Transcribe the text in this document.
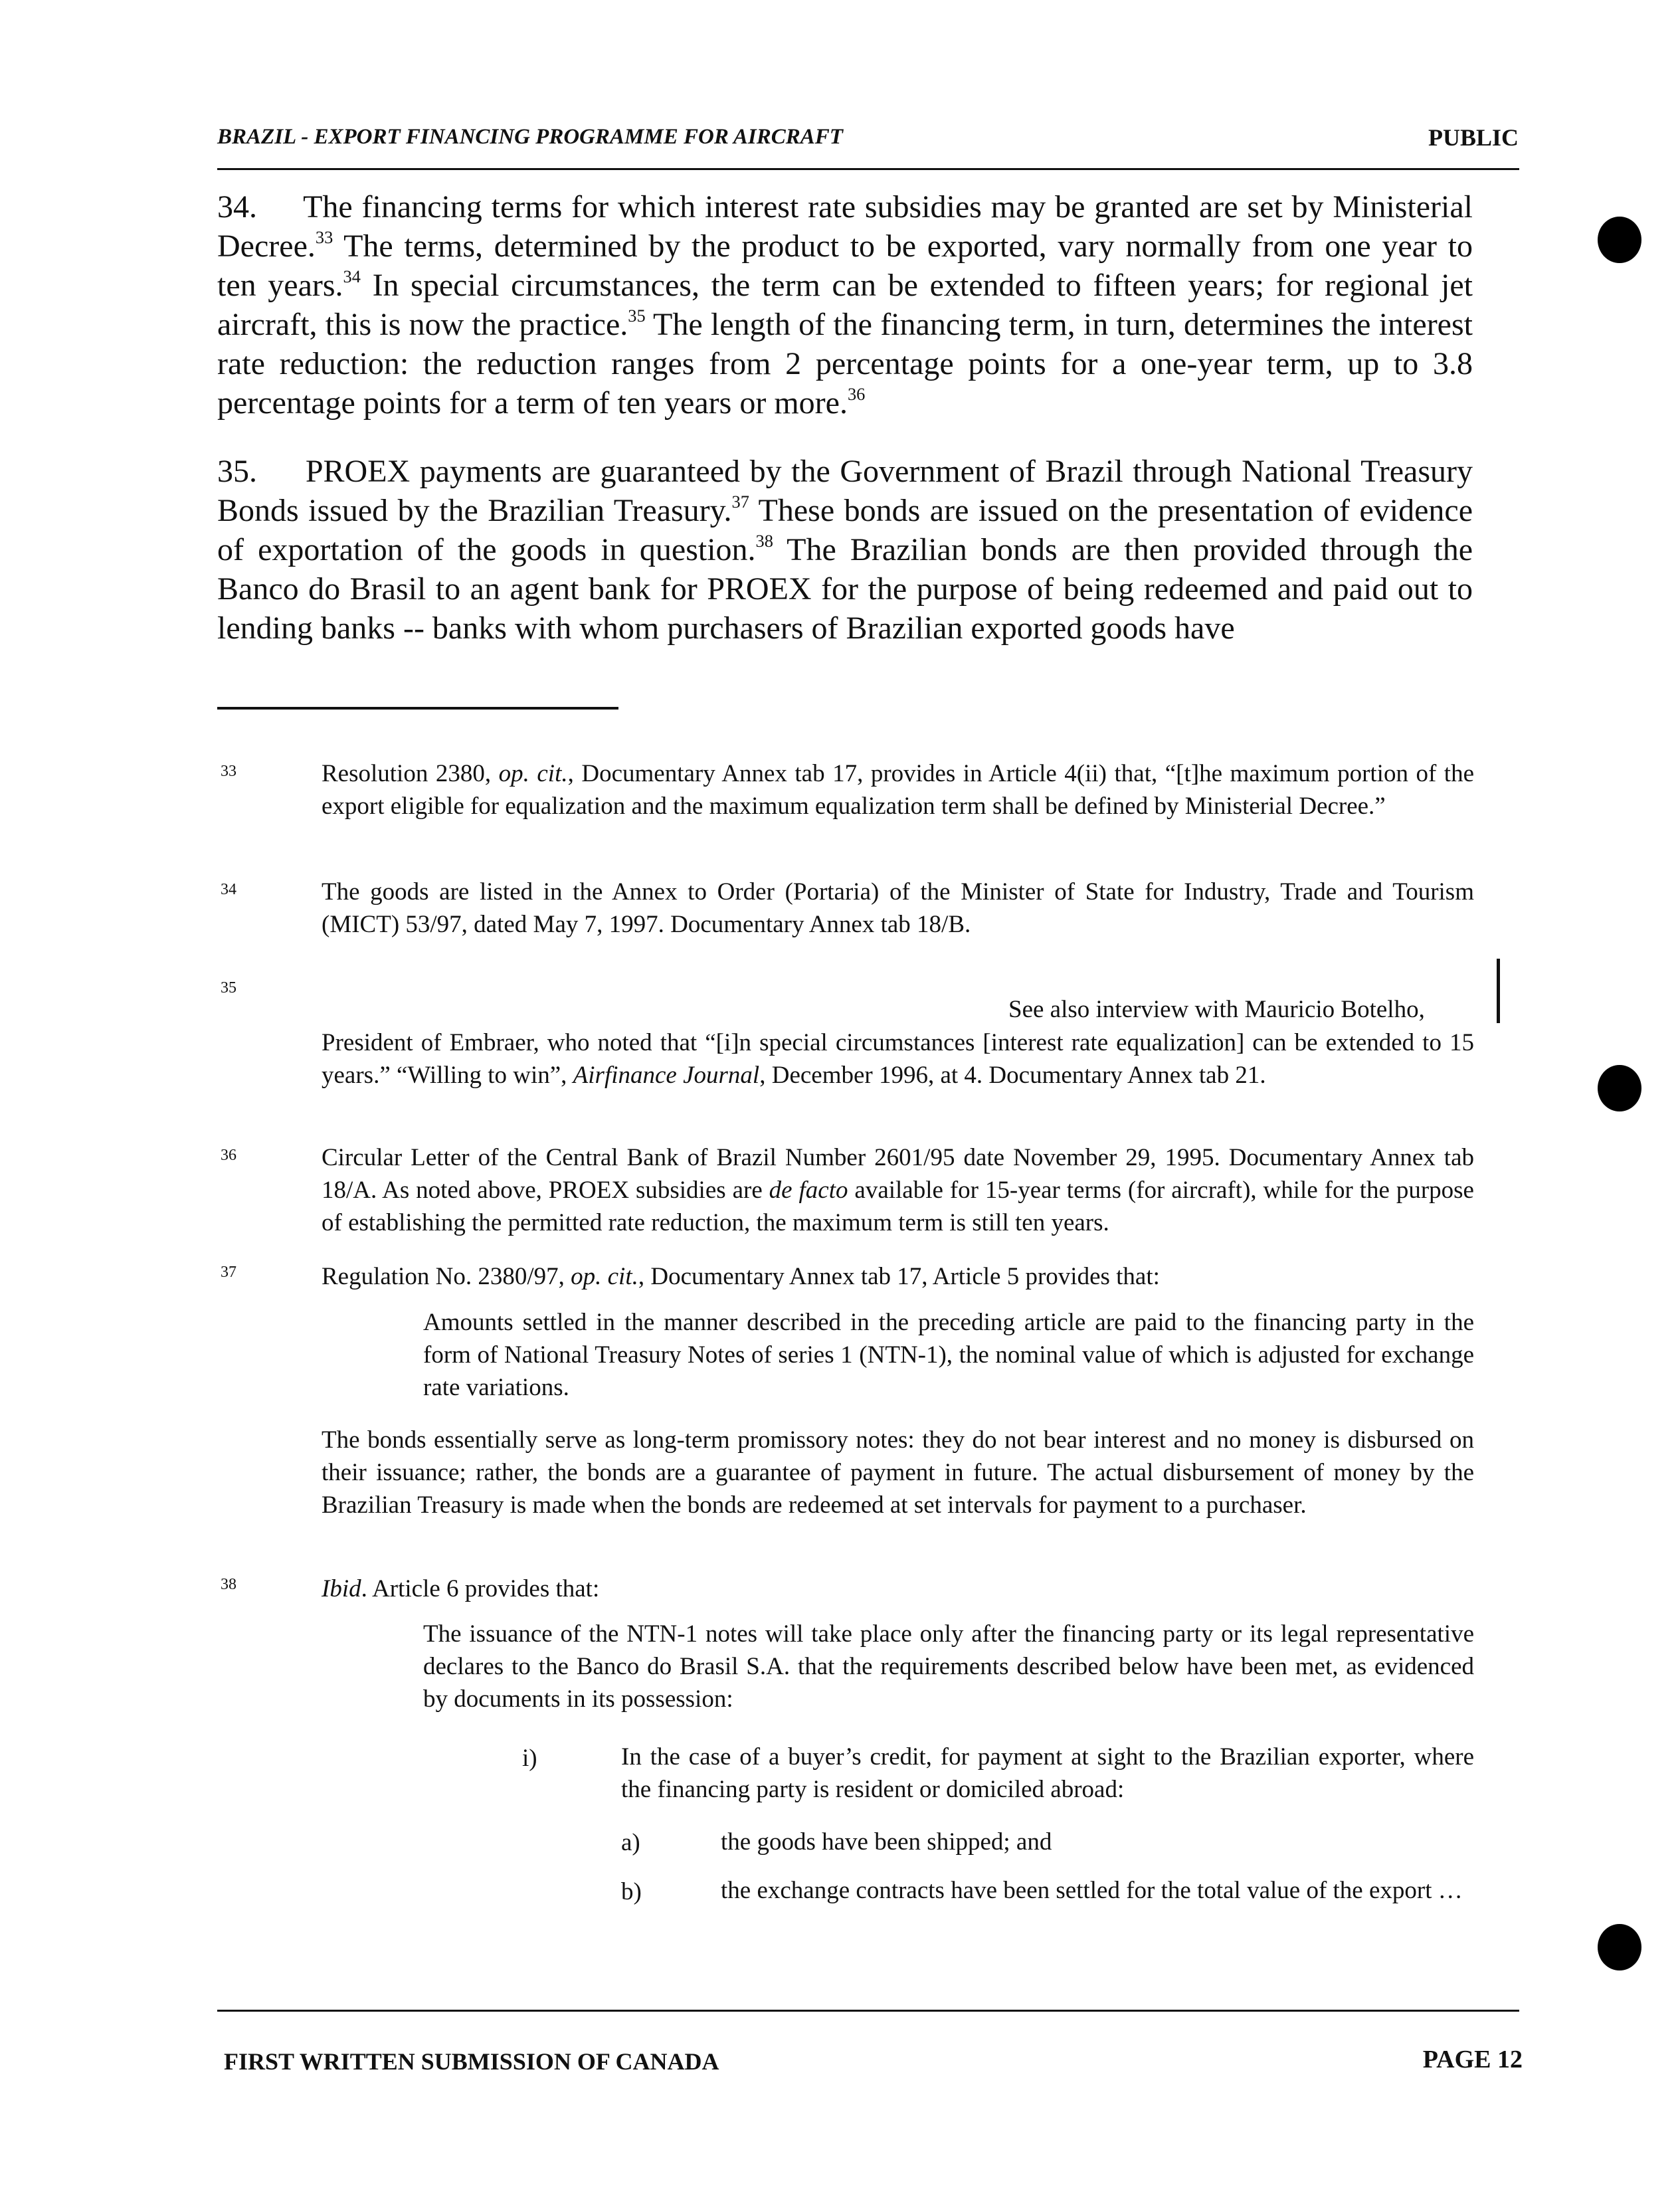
BRAZIL - EXPORT FINANCING PROGRAMME FOR AIRCRAFT	PUBLIC
34. The financing terms for which interest rate subsidies may be granted are set by Ministerial Decree.$^{33}$ The terms, determined by the product to be exported, vary normally from one year to ten years.$^{34}$ In special circumstances, the term can be extended to fifteen years; for regional jet aircraft, this is now the practice.$^{35}$ The length of the financing term, in turn, determines the interest rate reduction: the reduction ranges from 2 percentage points for a one-year term, up to 3.8 percentage points for a term of ten years or more.$^{36}$
35. PROEX payments are guaranteed by the Government of Brazil through National Treasury Bonds issued by the Brazilian Treasury.$^{37}$ These bonds are issued on the presentation of evidence of exportation of the goods in question.$^{38}$ The Brazilian bonds are then provided through the Banco do Brasil to an agent bank for PROEX for the purpose of being redeemed and paid out to lending banks -- banks with whom purchasers of Brazilian exported goods have
33	Resolution 2380, op. cit., Documentary Annex tab 17, provides in Article 4(ii) that, “[t]he maximum portion of the export eligible for equalization and the maximum equalization term shall be defined by Ministerial Decree.”
34	The goods are listed in the Annex to Order (Portaria) of the Minister of State for Industry, Trade and Tourism (MICT) 53/97, dated May 7, 1997. Documentary Annex tab 18/B.
35
See also interview with Mauricio Botelho,
President of Embraer, who noted that “[i]n special circumstances [interest rate equalization] can be extended to 15 years.” “Willing to win”, Airfinance Journal, December 1996, at 4. Documentary Annex tab 21.
36	Circular Letter of the Central Bank of Brazil Number 2601/95 date November 29, 1995. Documentary Annex tab 18/A. As noted above, PROEX subsidies are de facto available for 15-year terms (for aircraft), while for the purpose of establishing the permitted rate reduction, the maximum term is still ten years.
37	Regulation No. 2380/97, op. cit., Documentary Annex tab 17, Article 5 provides that:
Amounts settled in the manner described in the preceding article are paid to the financing party in the form of National Treasury Notes of series 1 (NTN-1), the nominal value of which is adjusted for exchange rate variations.
The bonds essentially serve as long-term promissory notes: they do not bear interest and no money is disbursed on their issuance; rather, the bonds are a guarantee of payment in future. The actual disbursement of money by the Brazilian Treasury is made when the bonds are redeemed at set intervals for payment to a purchaser.
38	Ibid. Article 6 provides that:
The issuance of the NTN-1 notes will take place only after the financing party or its legal representative declares to the Banco do Brasil S.A. that the requirements described below have been met, as evidenced by documents in its possession:
i)	In the case of a buyer’s credit, for payment at sight to the Brazilian exporter, where the financing party is resident or domiciled abroad:
a)	the goods have been shipped; and
b)	the exchange contracts have been settled for the total value of the export …
FIRST WRITTEN SUBMISSION OF CANADA	PAGE 12
